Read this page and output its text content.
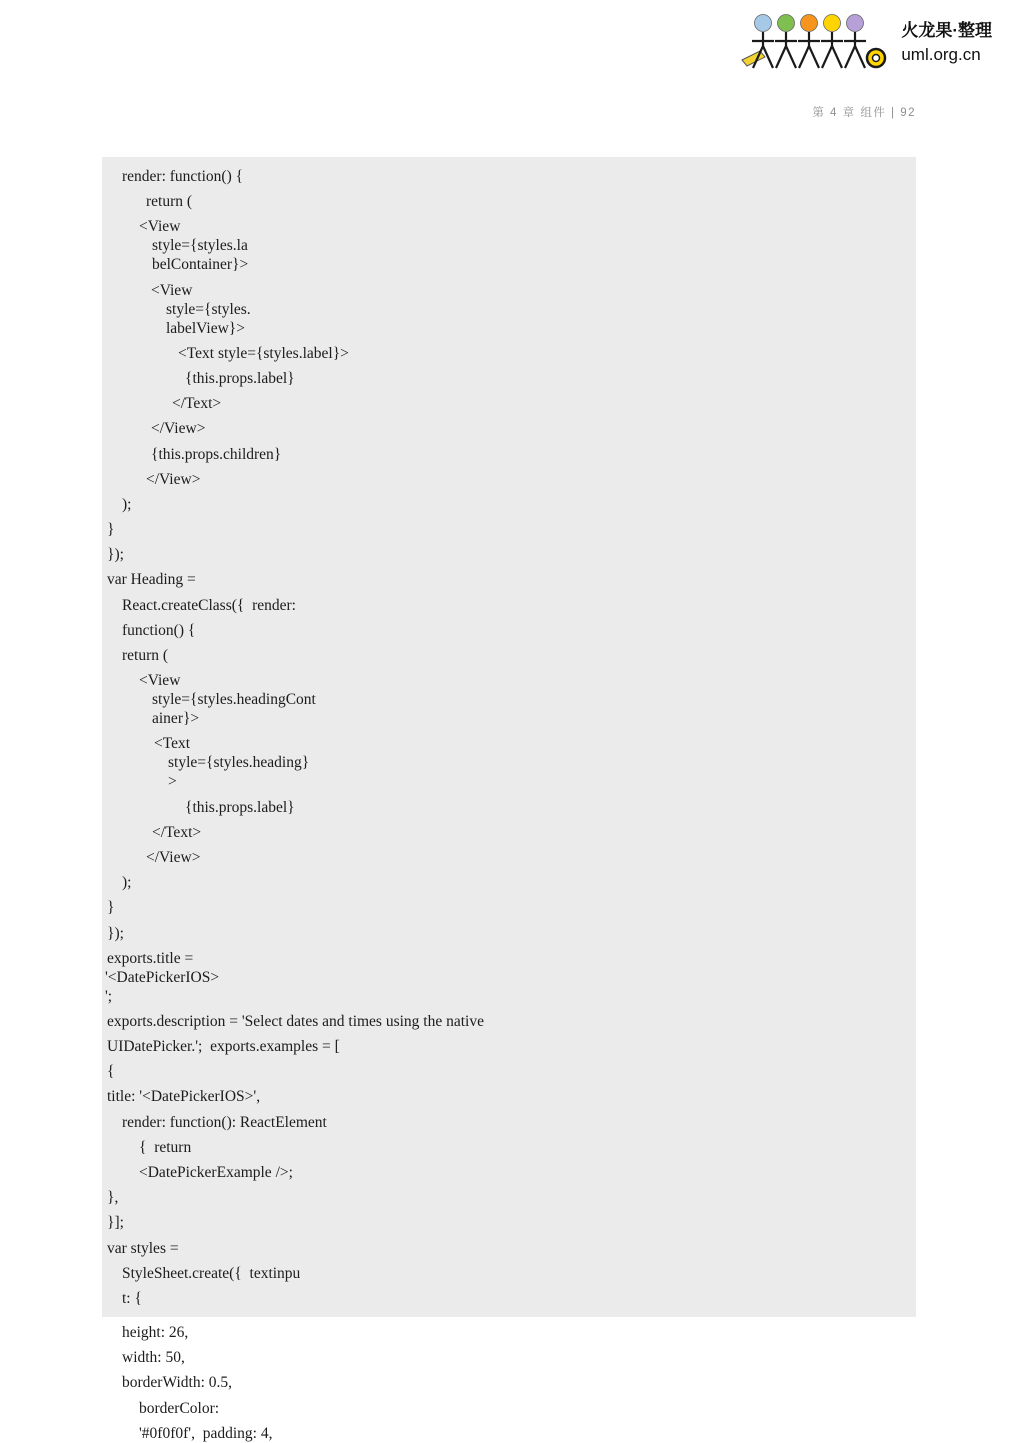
火龙果·整理
uml.org.cn
第 4 章 组件 | 92
render: function() {
return (
<View
style={styles.la
belContainer}>
<View
style={styles.
labelView}>
<Text style={styles.label}>
{this.props.label}
</Text>
</View>
{this.props.children}
</View>
);
}
});
var Heading =
React.createClass({  render:
function() {
return (
<View
style={styles.headingCont
ainer}>
<Text
style={styles.heading}
>
{this.props.label}
</Text>
</View>
);
}
});
exports.title =
'<DatePickerIOS>
';
exports.description = 'Select dates and times using the native
UIDatePicker.';  exports.examples = [
{
title: '<DatePickerIOS>',
render: function(): ReactElement
{  return
<DatePickerExample />;
},
}];
var styles =
StyleSheet.create({  textinpu
t: {
height: 26,
width: 50,
borderWidth: 0.5,
borderColor:
'#0f0f0f',  padding: 4,
